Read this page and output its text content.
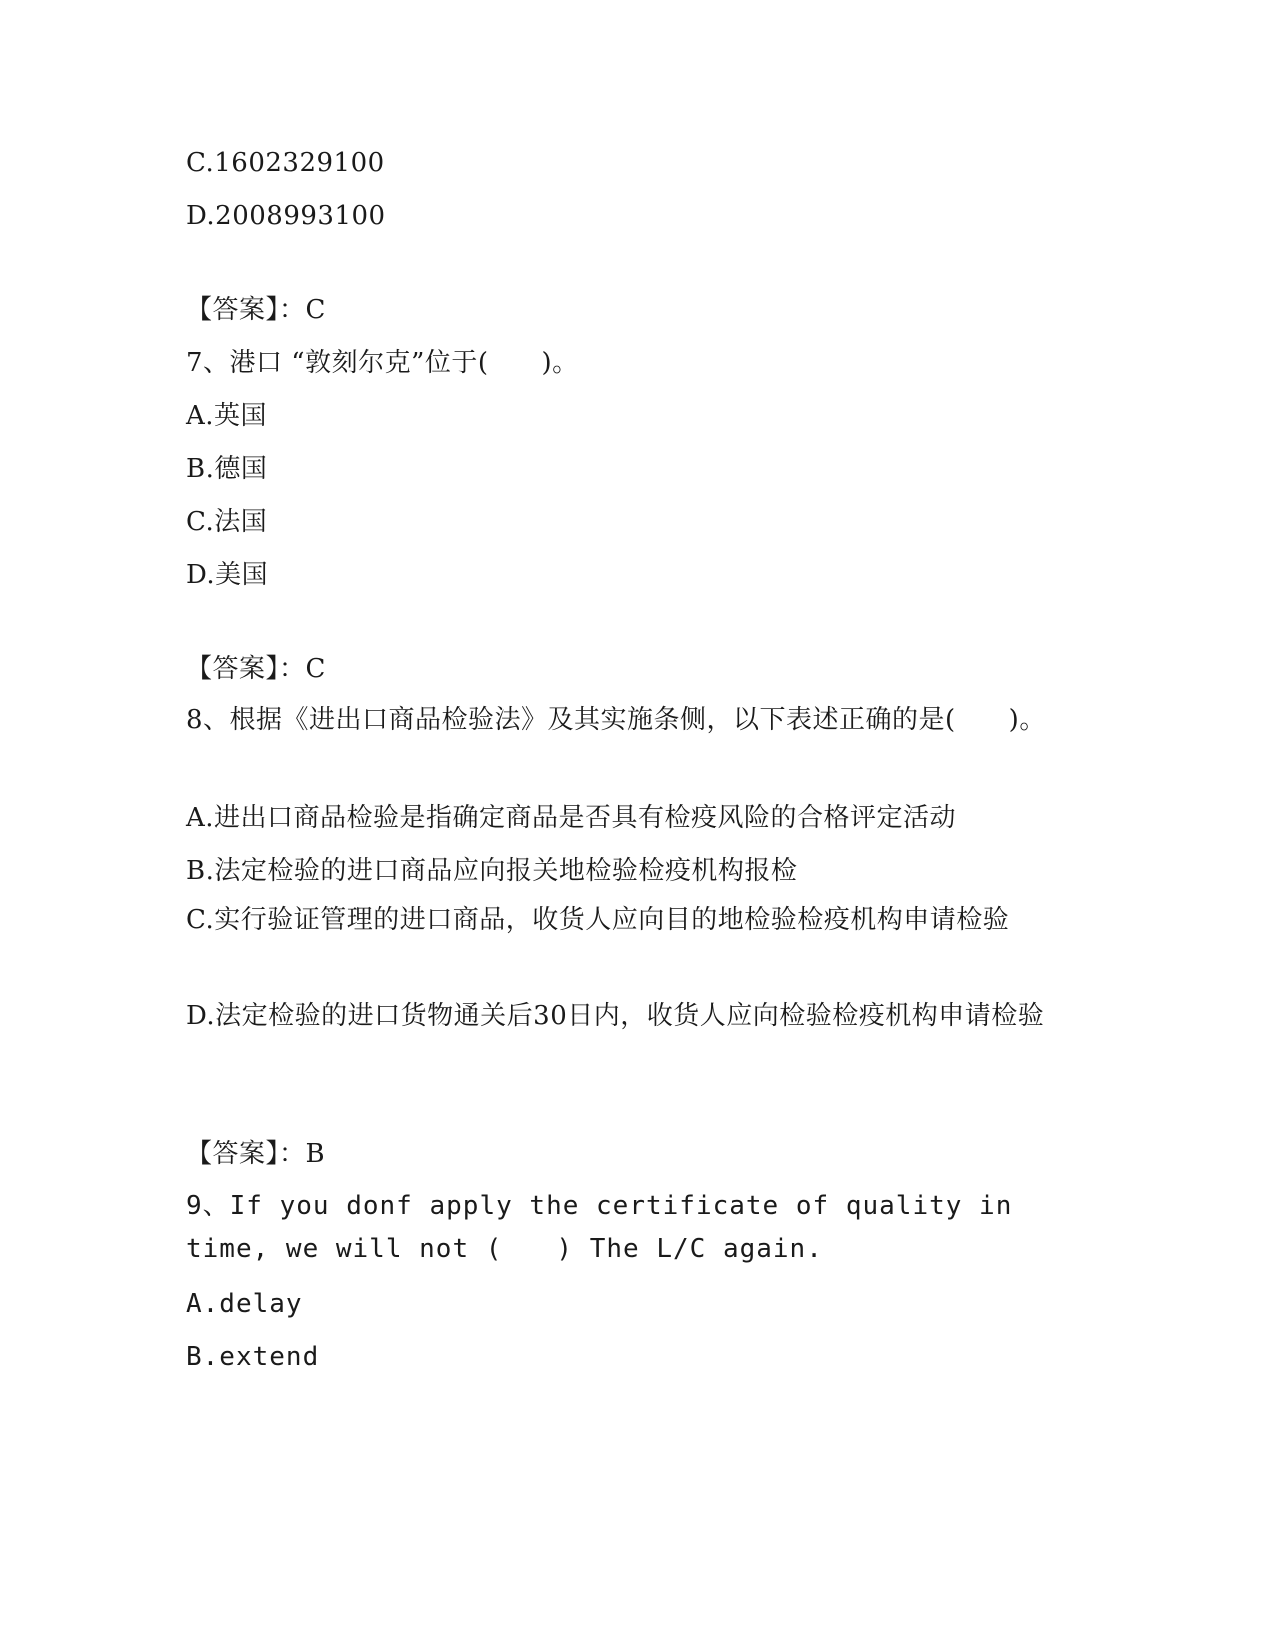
C.1602329100
D.2008993100
【答案】：C
7、港口 “敦刻尔克”位于(　　)。
A.英国
B.德国
C.法国
D.美国
【答案】：C
8、根据《进出口商品检验法》及其实施条侧，以下表述正确的是(　　)。
A.进出口商品检验是指确定商品是否具有检疫风险的合格评定活动
B.法定检验的进口商品应向报关地检验检疫机构报检
C.实行验证管理的进口商品，收货人应向目的地检验检疫机构申请检验
D.法定检验的进口货物通关后30日内，收货人应向检验检疫机构申请检验
【答案】：B
9、If you donf apply the certificate of quality in time, we will not (　　) The L/C again.
A.delay
B.extend
